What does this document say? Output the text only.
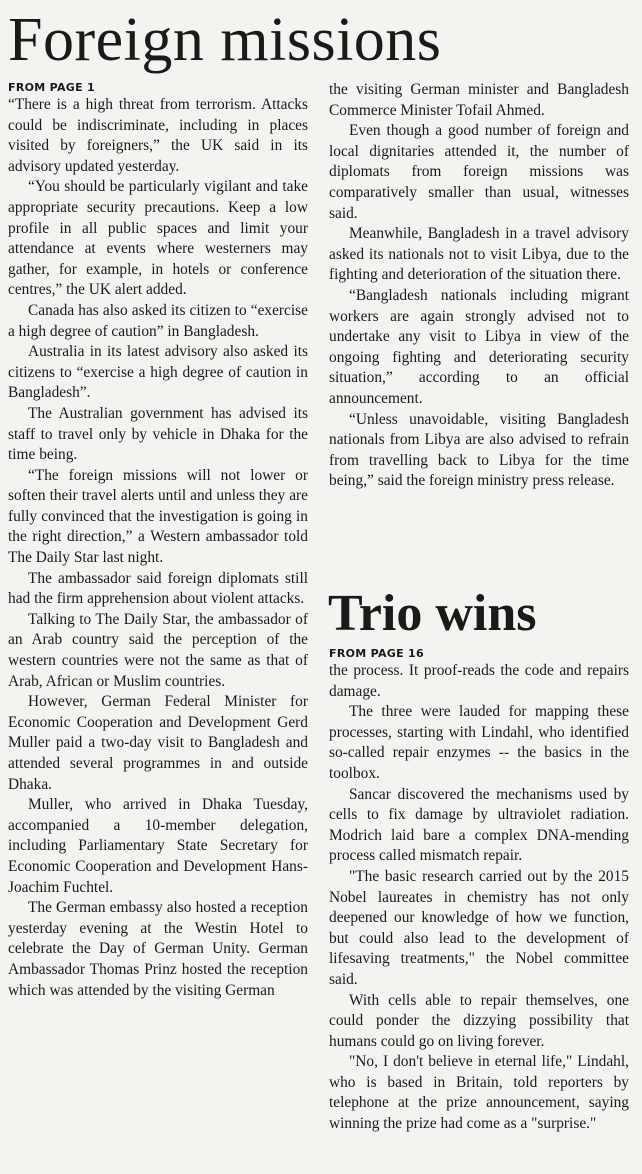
Foreign missions
FROM PAGE 1

“There is a high threat from terrorism. Attacks could be indiscriminate, including in places visited by foreigners,” the UK said in its advisory updated yesterday.

“You should be particularly vigilant and take appropriate security precautions. Keep a low profile in all public spaces and limit your attendance at events where westerners may gather, for example, in hotels or conference centres,” the UK alert added.

Canada has also asked its citizen to “exercise a high degree of caution” in Bangladesh.

Australia in its latest advisory also asked its citizens to “exercise a high degree of caution in Bangladesh”.

The Australian government has advised its staff to travel only by vehicle in Dhaka for the time being.

“The foreign missions will not lower or soften their travel alerts until and unless they are fully convinced that the investigation is going in the right direction,” a Western ambassador told The Daily Star last night.

The ambassador said foreign diplomats still had the firm apprehension about violent attacks.

Talking to The Daily Star, the ambassador of an Arab country said the perception of the western countries were not the same as that of Arab, African or Muslim countries.

However, German Federal Minister for Economic Cooperation and Development Gerd Muller paid a two-day visit to Bangladesh and attended several programmes in and outside Dhaka.

Muller, who arrived in Dhaka Tuesday, accompanied a 10-member delegation, including Parliamentary State Secretary for Economic Cooperation and Development Hans-Joachim Fuchtel.

The German embassy also hosted a reception yesterday evening at the Westin Hotel to celebrate the Day of German Unity. German Ambassador Thomas Prinz hosted the reception which was attended by the visiting German

the visiting German minister and Bangladesh Commerce Minister Tofail Ahmed.

Even though a good number of foreign and local dignitaries attended it, the number of diplomats from foreign missions was comparatively smaller than usual, witnesses said.

Meanwhile, Bangladesh in a travel advisory asked its nationals not to visit Libya, due to the fighting and deterioration of the situation there.

“Bangladesh nationals including migrant workers are again strongly advised not to undertake any visit to Libya in view of the ongoing fighting and deteriorating security situation,” according to an official announcement.

“Unless unavoidable, visiting Bangladesh nationals from Libya are also advised to refrain from travelling back to Libya for the time being,” said the foreign ministry press release.

Trio wins
FROM PAGE 16

the process. It proof-reads the code and repairs damage.

The three were lauded for mapping these processes, starting with Lindahl, who identified so-called repair enzymes -- the basics in the toolbox.

Sancar discovered the mechanisms used by cells to fix damage by ultraviolet radiation. Modrich laid bare a complex DNA-mending process called mismatch repair.

"The basic research carried out by the 2015 Nobel laureates in chemistry has not only deepened our knowledge of how we function, but could also lead to the development of lifesaving treatments," the Nobel committee said.

With cells able to repair themselves, one could ponder the dizzying possibility that humans could go on living forever.

"No, I don't believe in eternal life," Lindahl, who is based in Britain, told reporters by telephone at the prize announcement, saying winning the prize had come as a "surprise."
